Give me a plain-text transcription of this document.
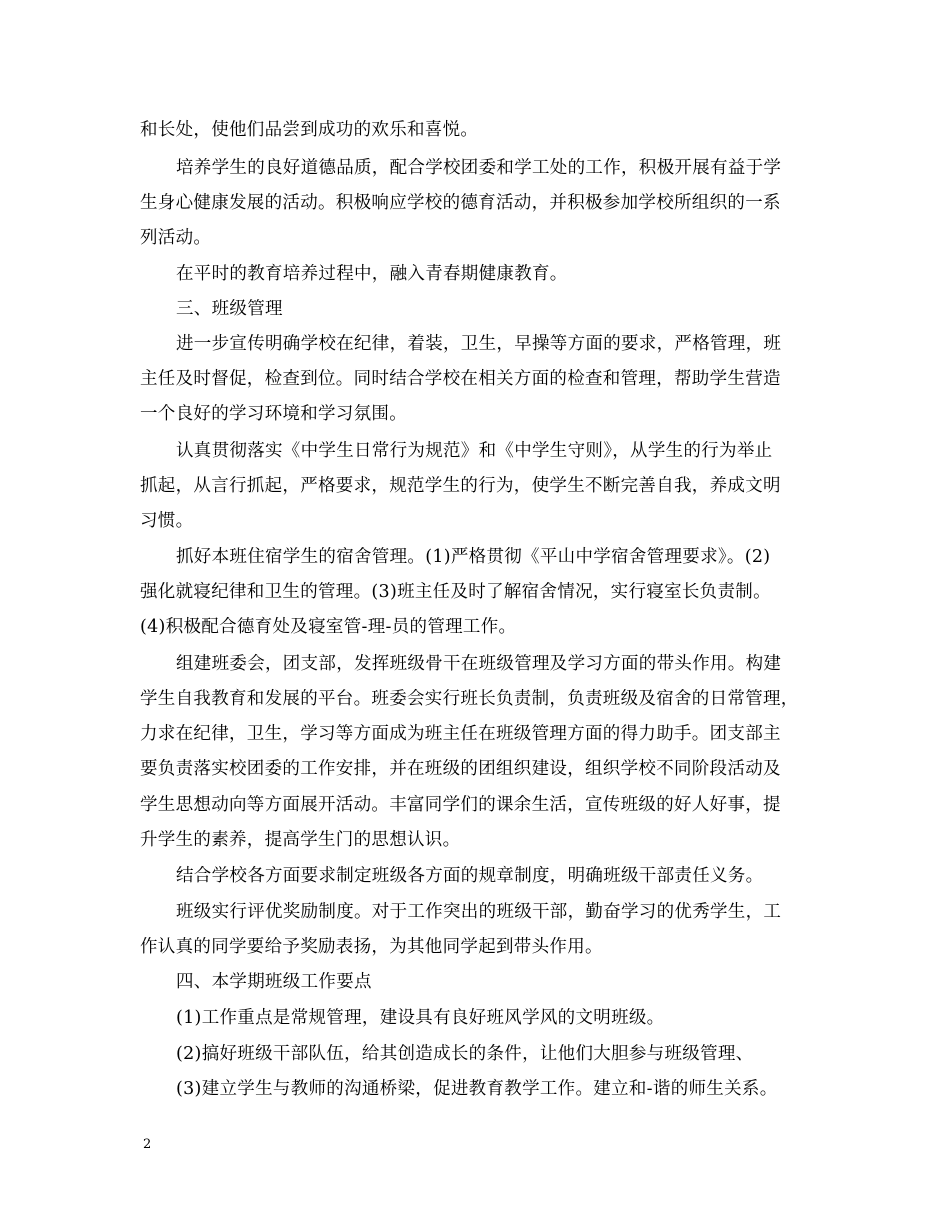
和长处，使他们品尝到成功的欢乐和喜悦。
培养学生的良好道德品质，配合学校团委和学工处的工作，积极开展有益于学
生身心健康发展的活动。积极响应学校的德育活动，并积极参加学校所组织的一系
列活动。
在平时的教育培养过程中，融入青春期健康教育。
三、班级管理
进一步宣传明确学校在纪律，着装，卫生，早操等方面的要求，严格管理，班
主任及时督促，检查到位。同时结合学校在相关方面的检查和管理，帮助学生营造
一个良好的学习环境和学习氛围。
认真贯彻落实《中学生日常行为规范》和《中学生守则》，从学生的行为举止
抓起，从言行抓起，严格要求，规范学生的行为，使学生不断完善自我，养成文明
习惯。
抓好本班住宿学生的宿舍管理。(1)严格贯彻《平山中学宿舍管理要求》。(2)
强化就寝纪律和卫生的管理。(3)班主任及时了解宿舍情况，实行寝室长负责制。
(4)积极配合德育处及寝室管-理-员的管理工作。
组建班委会，团支部，发挥班级骨干在班级管理及学习方面的带头作用。构建
学生自我教育和发展的平台。班委会实行班长负责制，负责班级及宿舍的日常管理，
力求在纪律，卫生，学习等方面成为班主任在班级管理方面的得力助手。团支部主
要负责落实校团委的工作安排，并在班级的团组织建设，组织学校不同阶段活动及
学生思想动向等方面展开活动。丰富同学们的课余生活，宣传班级的好人好事，提
升学生的素养，提高学生门的思想认识。
结合学校各方面要求制定班级各方面的规章制度，明确班级干部责任义务。
班级实行评优奖励制度。对于工作突出的班级干部，勤奋学习的优秀学生，工
作认真的同学要给予奖励表扬，为其他同学起到带头作用。
四、本学期班级工作要点
(1)工作重点是常规管理，建设具有良好班风学风的文明班级。
(2)搞好班级干部队伍，给其创造成长的条件，让他们大胆参与班级管理、
(3)建立学生与教师的沟通桥梁，促进教育教学工作。建立和-谐的师生关系。
2
